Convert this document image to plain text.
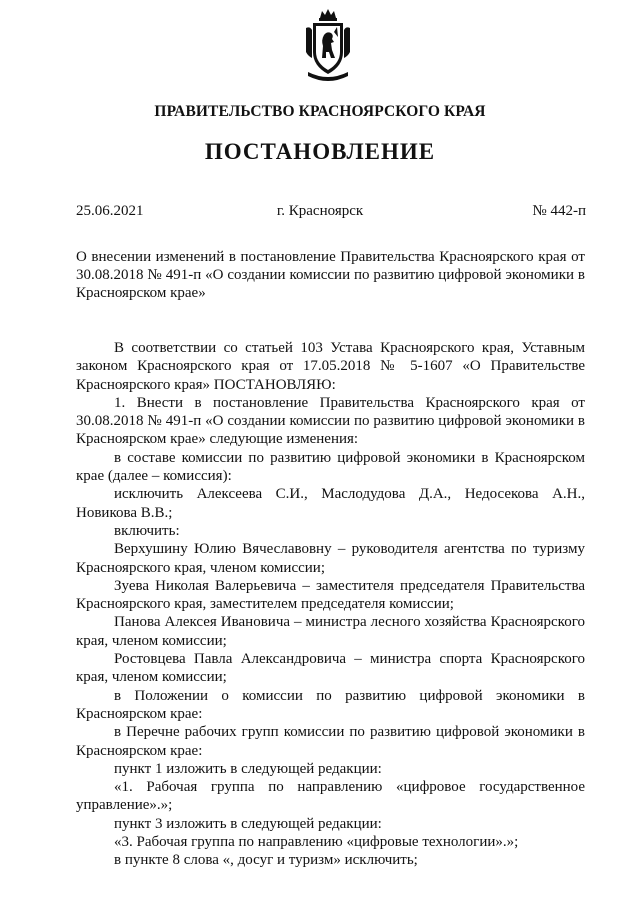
ПРАВИТЕЛЬСТВО КРАСНОЯРСКОГО КРАЯ
ПОСТАНОВЛЕНИЕ
25.06.2021	г. Красноярск	№ 442-п
О внесении изменений в постановление Правительства Красноярского края от 30.08.2018 № 491-п «О создании комиссии по развитию цифровой экономики в Красноярском крае»

В соответствии со статьей 103 Устава Красноярского края, Уставным законом Красноярского края от 17.05.2018 № 5-1607 «О Правительстве Красноярского края» ПОСТАНОВЛЯЮ:

1. Внести в постановление Правительства Красноярского края от 30.08.2018 № 491-п «О создании комиссии по развитию цифровой экономики в Красноярском крае» следующие изменения:

в составе комиссии по развитию цифровой экономики в Красноярском крае (далее – комиссия):

исключить Алексеева С.И., Маслодудова Д.А., Недосекова А.Н., Новикова В.В.;

включить:

Верхушину Юлию Вячеславовну – руководителя агентства по туризму Красноярского края, членом комиссии;

Зуева Николая Валерьевича – заместителя председателя Правительства Красноярского края, заместителем председателя комиссии;

Панова Алексея Ивановича – министра лесного хозяйства Красноярского края, членом комиссии;

Ростовцева Павла Александровича – министра спорта Красноярского края, членом комиссии;

в Положении о комиссии по развитию цифровой экономики в Красноярском крае:

в Перечне рабочих групп комиссии по развитию цифровой экономики в Красноярском крае:

пункт 1 изложить в следующей редакции:

«1. Рабочая группа по направлению «цифровое государственное управление».»;

пункт 3 изложить в следующей редакции:

«3. Рабочая группа по направлению «цифровые технологии».»;

в пункте 8 слова «, досуг и туризм» исключить;
